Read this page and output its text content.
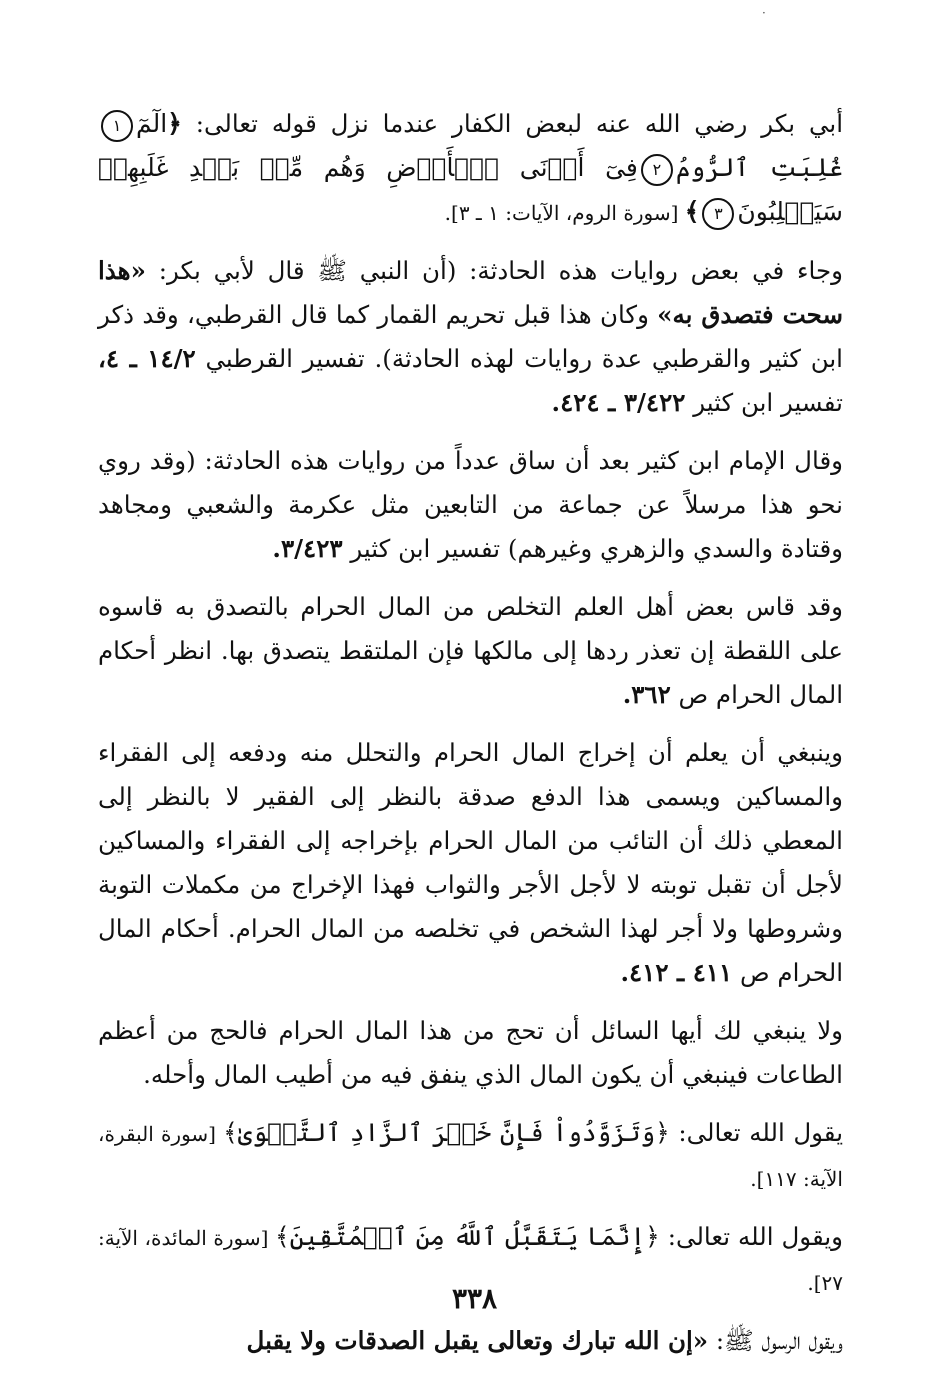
·

أبي بكر رضي الله عنه لبعض الكفار عندما نزل قوله تعالى: ﴿الٓمٓ١غُلِبَتِ ٱلرُّومُ٢فِىٓ أَدۡنَى ٱلۡأَرۡضِ وَهُم مِّنۢ بَعۡدِ غَلَبِهِمۡ سَيَغۡلِبُونَ٣﴾ [سورة الروم، الآيات: ١ ـ ٣].

وجاء في بعض روايات هذه الحادثة: (أن النبي ﷺ قال لأبي بكر: «هذا سحت فتصدق به» وكان هذا قبل تحريم القمار كما قال القرطبي، وقد ذكر ابن كثير والقرطبي عدة روايات لهذه الحادثة). تفسير القرطبي ١٤/٢ ـ ٤، تفسير ابن كثير ٣/٤٢٢ ـ ٤٢٤.

وقال الإمام ابن كثير بعد أن ساق عدداً من روايات هذه الحادثة: (وقد روي نحو هذا مرسلاً عن جماعة من التابعين مثل عكرمة والشعبي ومجاهد وقتادة والسدي والزهري وغيرهم) تفسير ابن كثير ٣/٤٢٣.

وقد قاس بعض أهل العلم التخلص من المال الحرام بالتصدق به قاسوه على اللقطة إن تعذر ردها إلى مالكها فإن الملتقط يتصدق بها. انظر أحكام المال الحرام ص ٣٦٢.

وينبغي أن يعلم أن إخراج المال الحرام والتحلل منه ودفعه إلى الفقراء والمساكين ويسمى هذا الدفع صدقة بالنظر إلى الفقير لا بالنظر إلى المعطي ذلك أن التائب من المال الحرام بإخراجه إلى الفقراء والمساكين لأجل أن تقبل توبته لا لأجل الأجر والثواب فهذا الإخراج من مكملات التوبة وشروطها ولا أجر لهذا الشخص في تخلصه من المال الحرام. أحكام المال الحرام ص ٤١١ ـ ٤١٢.

ولا ينبغي لك أيها السائل أن تحج من هذا المال الحرام فالحج من أعظم الطاعات فينبغي أن يكون المال الذي ينفق فيه من أطيب المال وأحله.

يقول الله تعالى: ﴿وَتَزَوَّدُواْ فَإِنَّ خَيۡرَ ٱلزَّادِ ٱلتَّقۡوَىٰ﴾ [سورة البقرة، الآية: ١١٧].

ويقول الله تعالى: ﴿إِنَّمَا يَتَقَبَّلُ ٱللَّهُ مِنَ ٱلۡمُتَّقِينَ﴾ [سورة المائدة، الآية: ٢٧].

ويقول الرسول ﷺ: «إن الله تبارك وتعالى يقبل الصدقات ولا يقبل

٣٣٨
